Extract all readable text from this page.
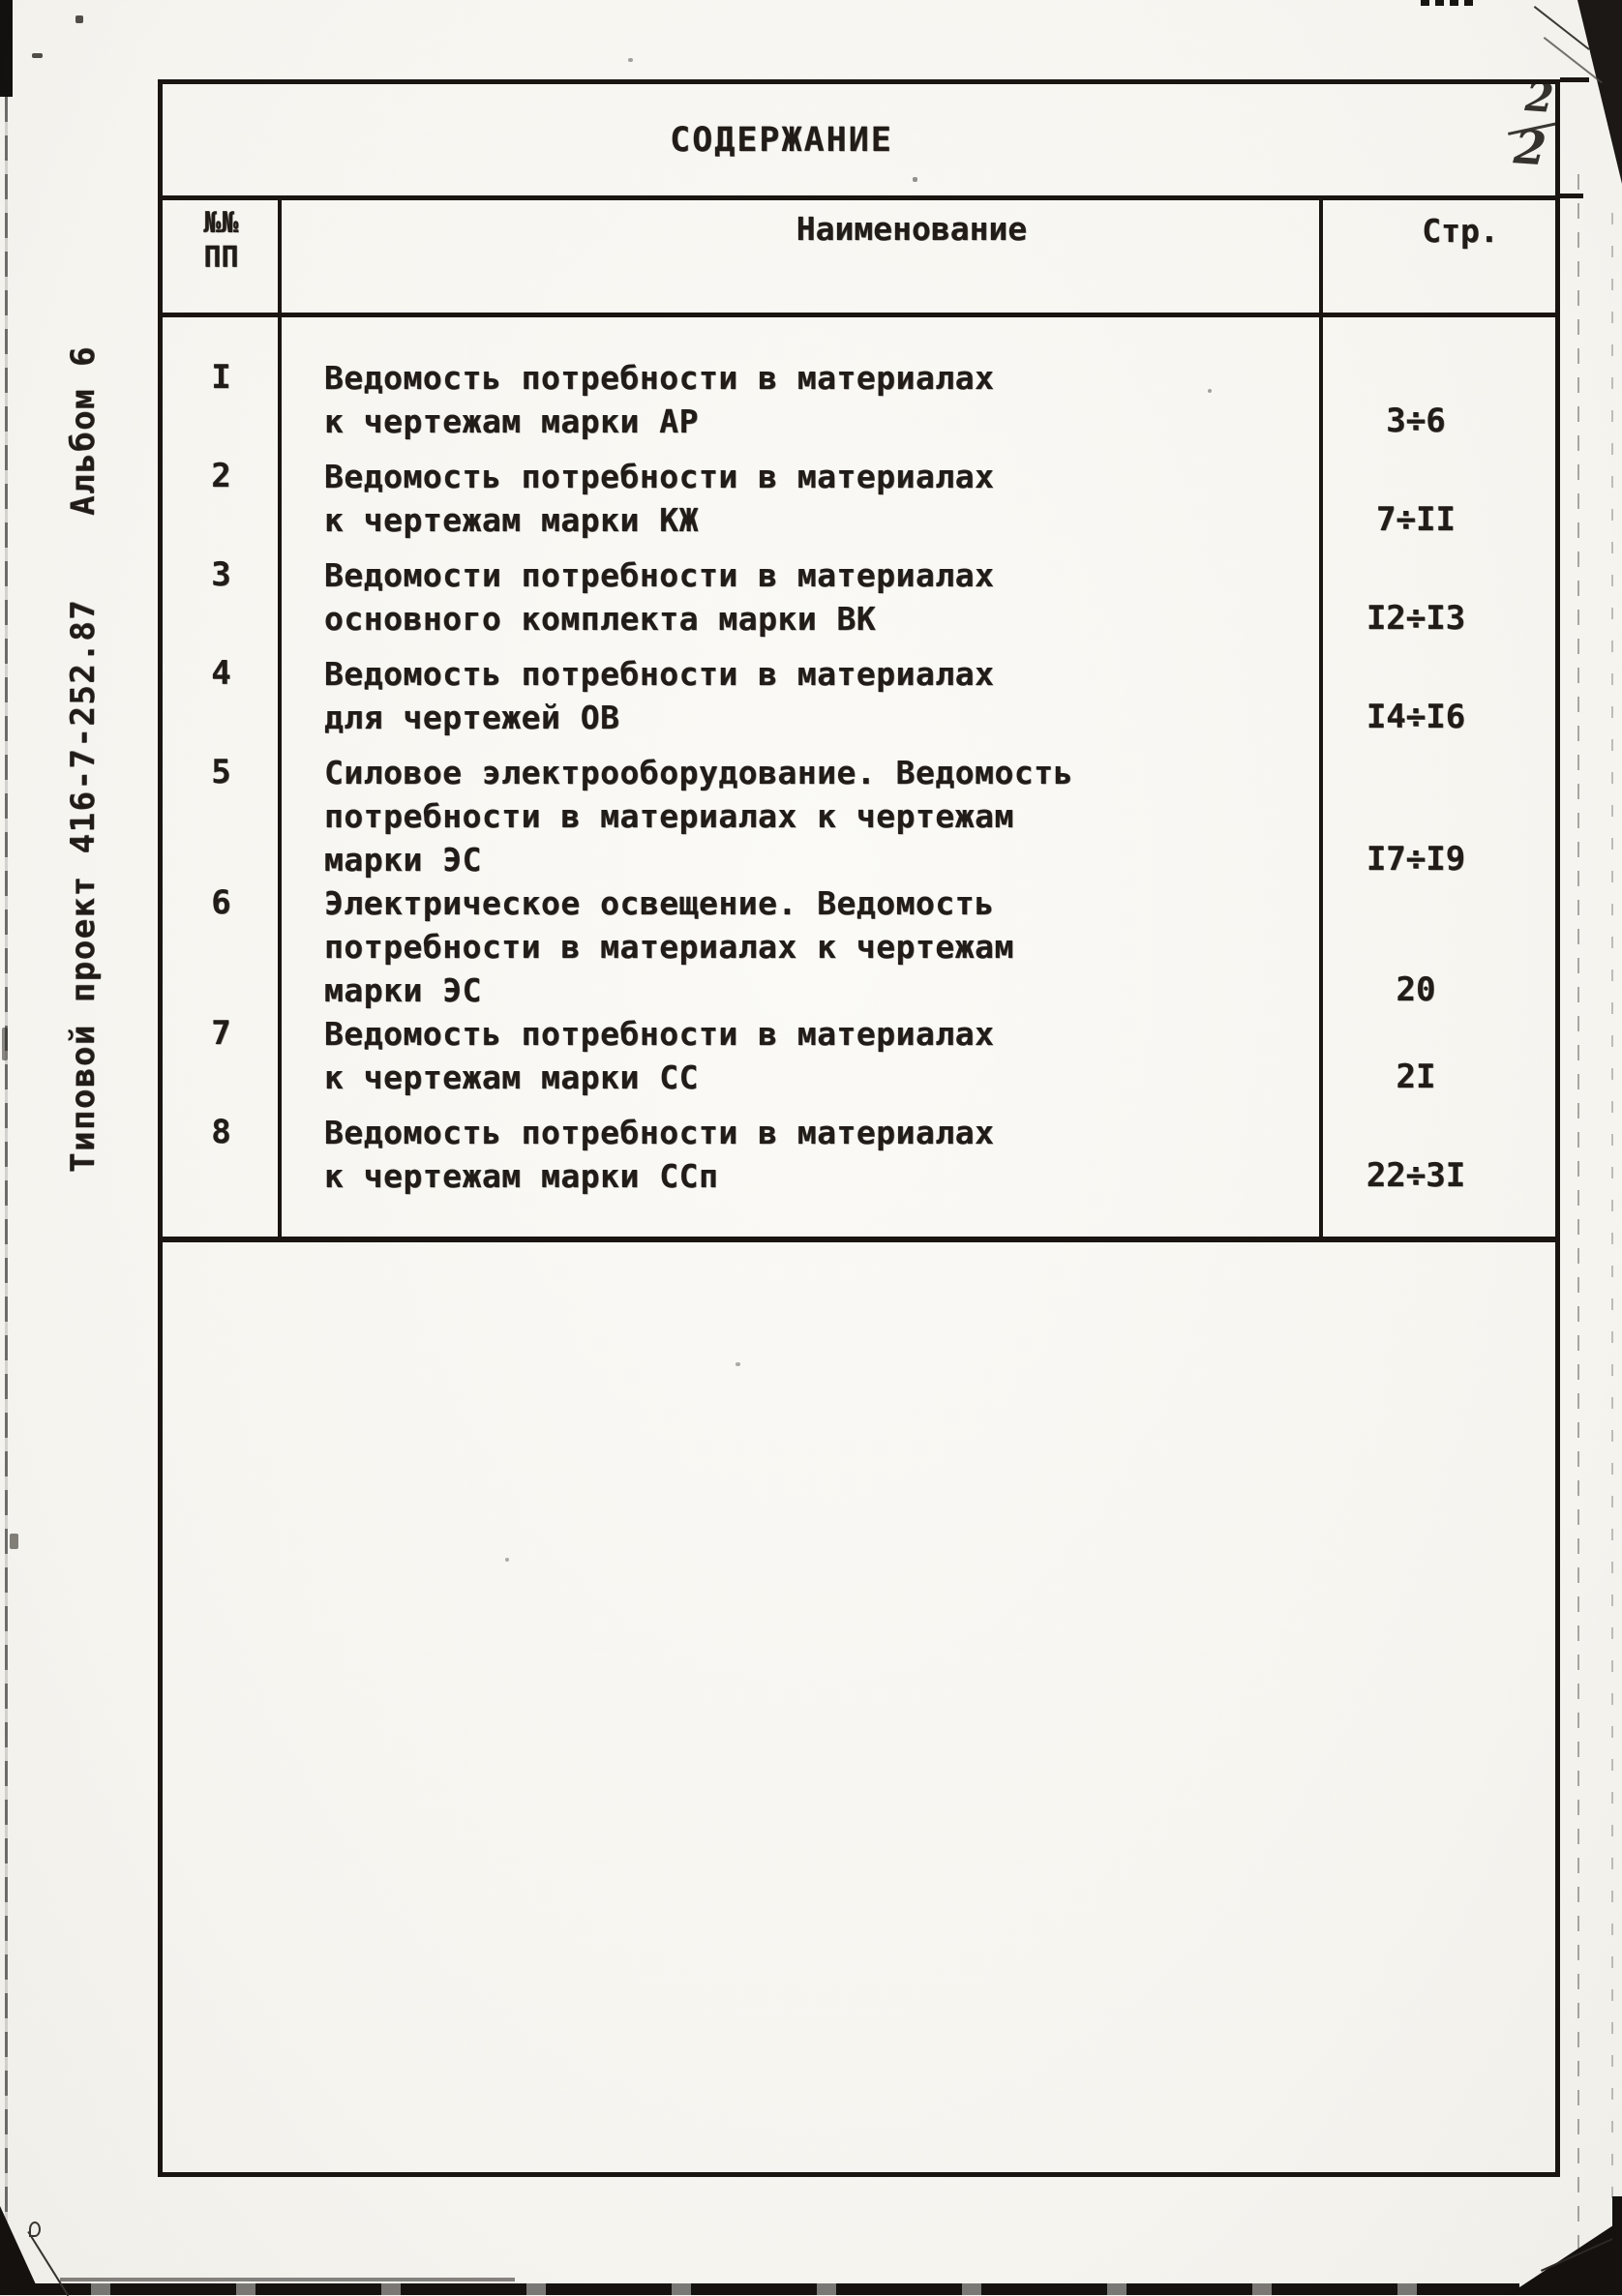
Типовой проект 416-7-252.87
Альбом 6
2
2
СОДЕРЖАНИЕ
№№
ПП
Наименование	Стр.
I	Ведомость потребности в материалах
к чертежам марки АР	3÷6
2	Ведомость потребности в материалах
к чертежам марки КЖ	7÷II
3	Ведомости потребности в материалах
основного комплекта марки ВК	I2÷I3
4	Ведомость потребности в материалах
для чертежей ОВ	I4÷I6
5	Силовое электрооборудование. Ведомость
потребности в материалах к чертежам
марки ЭС	I7÷I9
6	Электрическое освещение. Ведомость
потребности в материалах к чертежам
марки ЭС	20
7	Ведомость потребности в материалах
к чертежам марки СС	2I
8	Ведомость потребности в материалах
к чертежам марки ССп	22÷3I
